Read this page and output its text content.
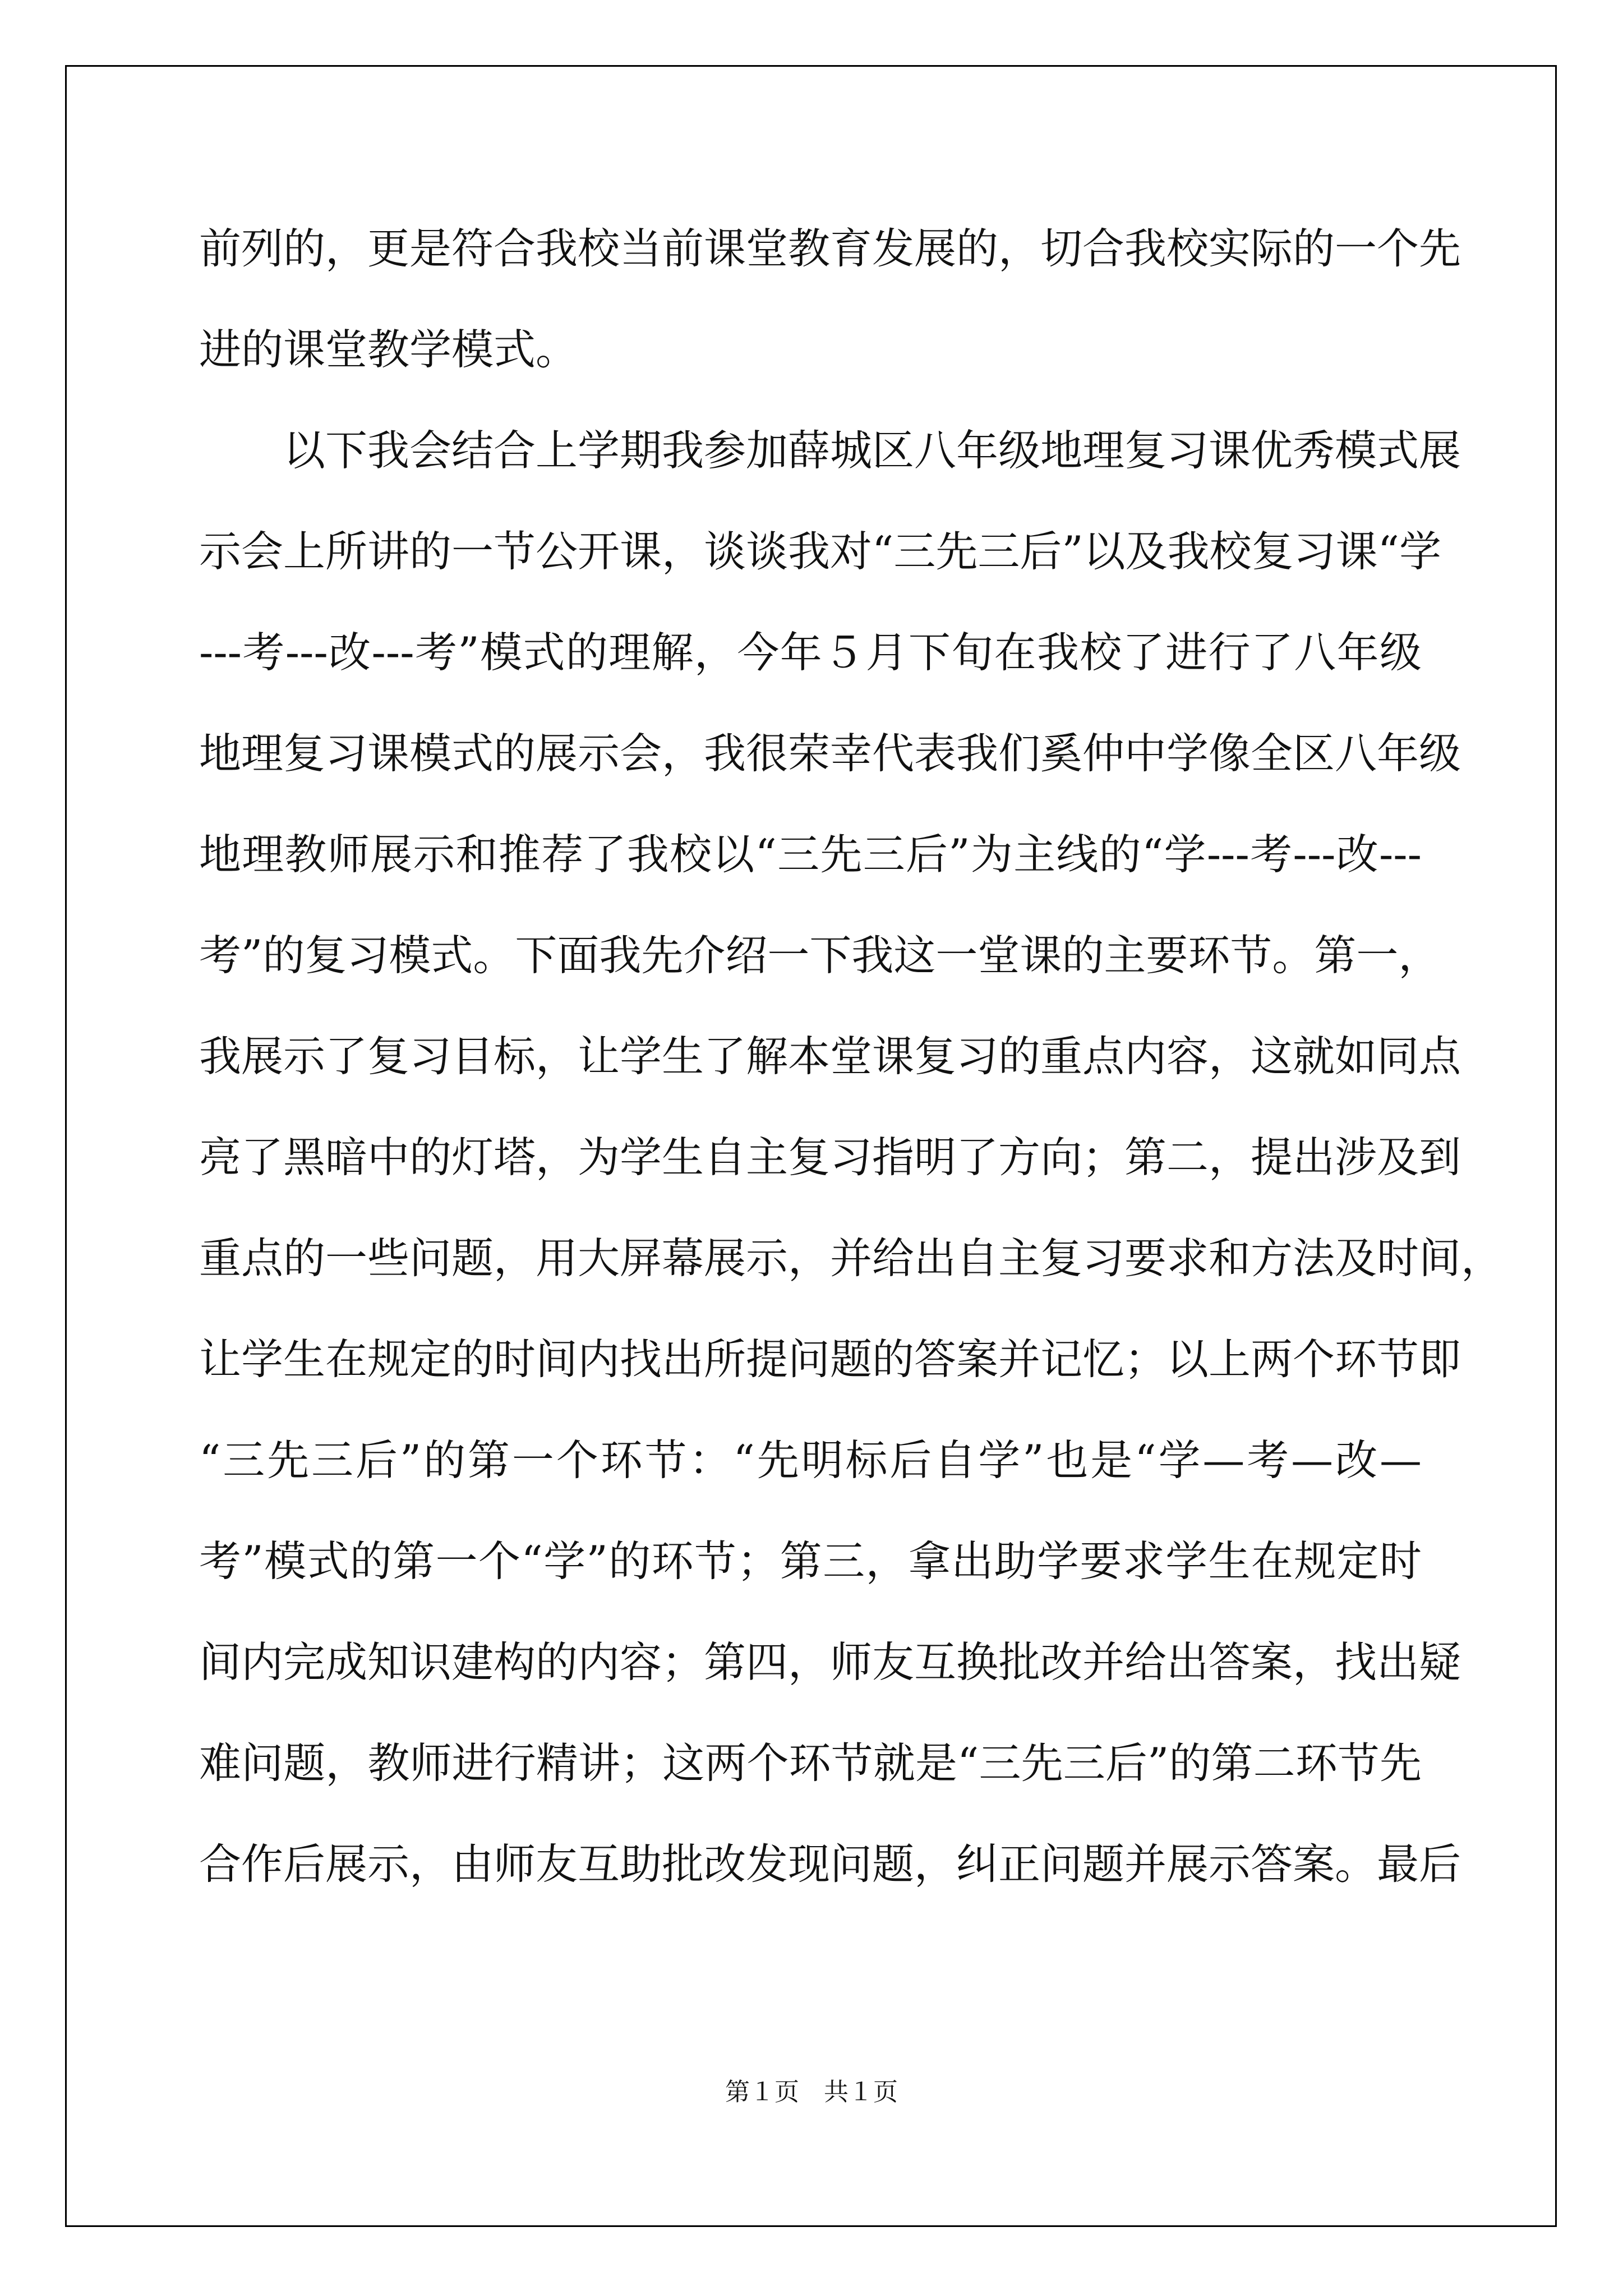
前列的，更是符合我校当前课堂教育发展的，切合我校实际的一个先
进的课堂教学模式。
以下我会结合上学期我参加薛城区八年级地理复习课优秀模式展
示会上所讲的一节公开课，谈谈我对“三先三后”以及我校复习课“学
---考---改---考”模式的理解，今年５月下旬在我校了进行了八年级
地理复习课模式的展示会，我很荣幸代表我们奚仲中学像全区八年级
地理教师展示和推荐了我校以“三先三后”为主线的“学---考---改---
考”的复习模式。下面我先介绍一下我这一堂课的主要环节。第一，
我展示了复习目标，让学生了解本堂课复习的重点内容，这就如同点
亮了黑暗中的灯塔，为学生自主复习指明了方向；第二，提出涉及到
重点的一些问题，用大屏幕展示，并给出自主复习要求和方法及时间，
让学生在规定的时间内找出所提问题的答案并记忆；以上两个环节即
“三先三后”的第一个环节：“先明标后自学”也是“学—考—改—
考”模式的第一个“学”的环节；第三，拿出助学要求学生在规定时
间内完成知识建构的内容；第四，师友互换批改并给出答案，找出疑
难问题，教师进行精讲；这两个环节就是“三先三后”的第二环节先
合作后展示，由师友互助批改发现问题，纠正问题并展示答案。最后
第１页　共１页
